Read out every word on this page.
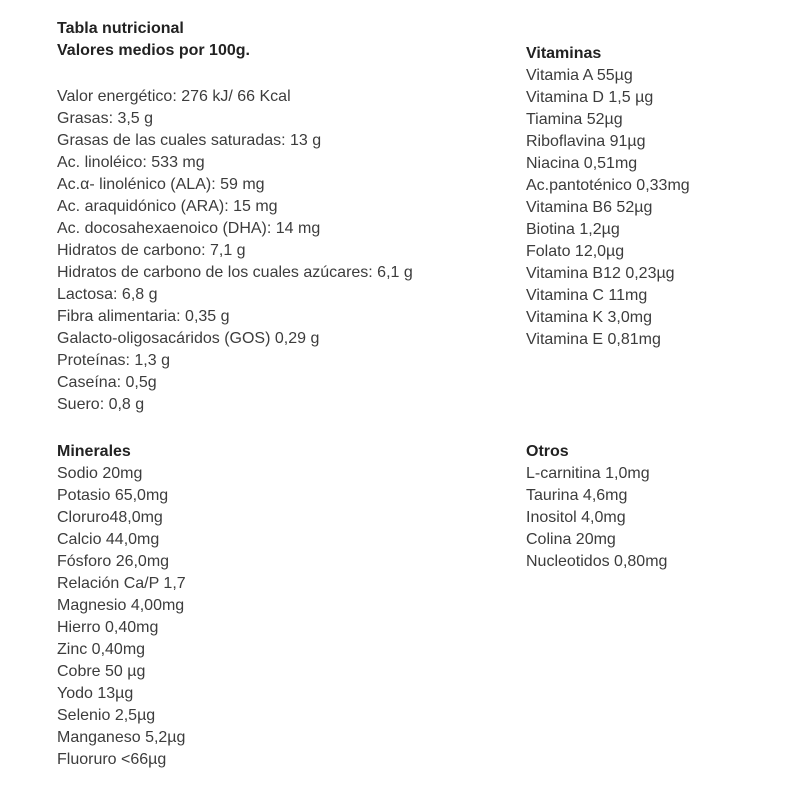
Tabla nutricional
Valores medios por 100g.
Valor energético: 276 kJ/ 66 Kcal
Grasas: 3,5 g
Grasas de las cuales saturadas: 13 g
Ac. linoléico: 533 mg
Ac.α- linolénico (ALA): 59 mg
Ac. araquidónico (ARA): 15 mg
Ac. docosahexaenoico (DHA): 14 mg
Hidratos de carbono: 7,1 g
Hidratos de carbono de los cuales azúcares: 6,1 g
Lactosa: 6,8 g
Fibra alimentaria: 0,35 g
Galacto-oligosacáridos (GOS) 0,29 g
Proteínas: 1,3 g
Caseína: 0,5g
Suero: 0,8 g
Minerales
Sodio 20mg
Potasio 65,0mg
Cloruro48,0mg
Calcio 44,0mg
Fósforo 26,0mg
Relación Ca/P 1,7
Magnesio 4,00mg
Hierro 0,40mg
Zinc 0,40mg
Cobre 50 µg
Yodo 13µg
Selenio 2,5µg
Manganeso 5,2µg
Fluoruro <66µg
Vitaminas
Vitamia A 55µg
Vitamina D 1,5 µg
Tiamina 52µg
Riboflavina 91µg
Niacina 0,51mg
Ac.pantoténico 0,33mg
Vitamina B6 52µg
Biotina 1,2µg
Folato 12,0µg
Vitamina B12 0,23µg
Vitamina C 11mg
Vitamina K 3,0mg
Vitamina E 0,81mg
Otros
L-carnitina 1,0mg
Taurina 4,6mg
Inositol 4,0mg
Colina 20mg
Nucleotidos 0,80mg
